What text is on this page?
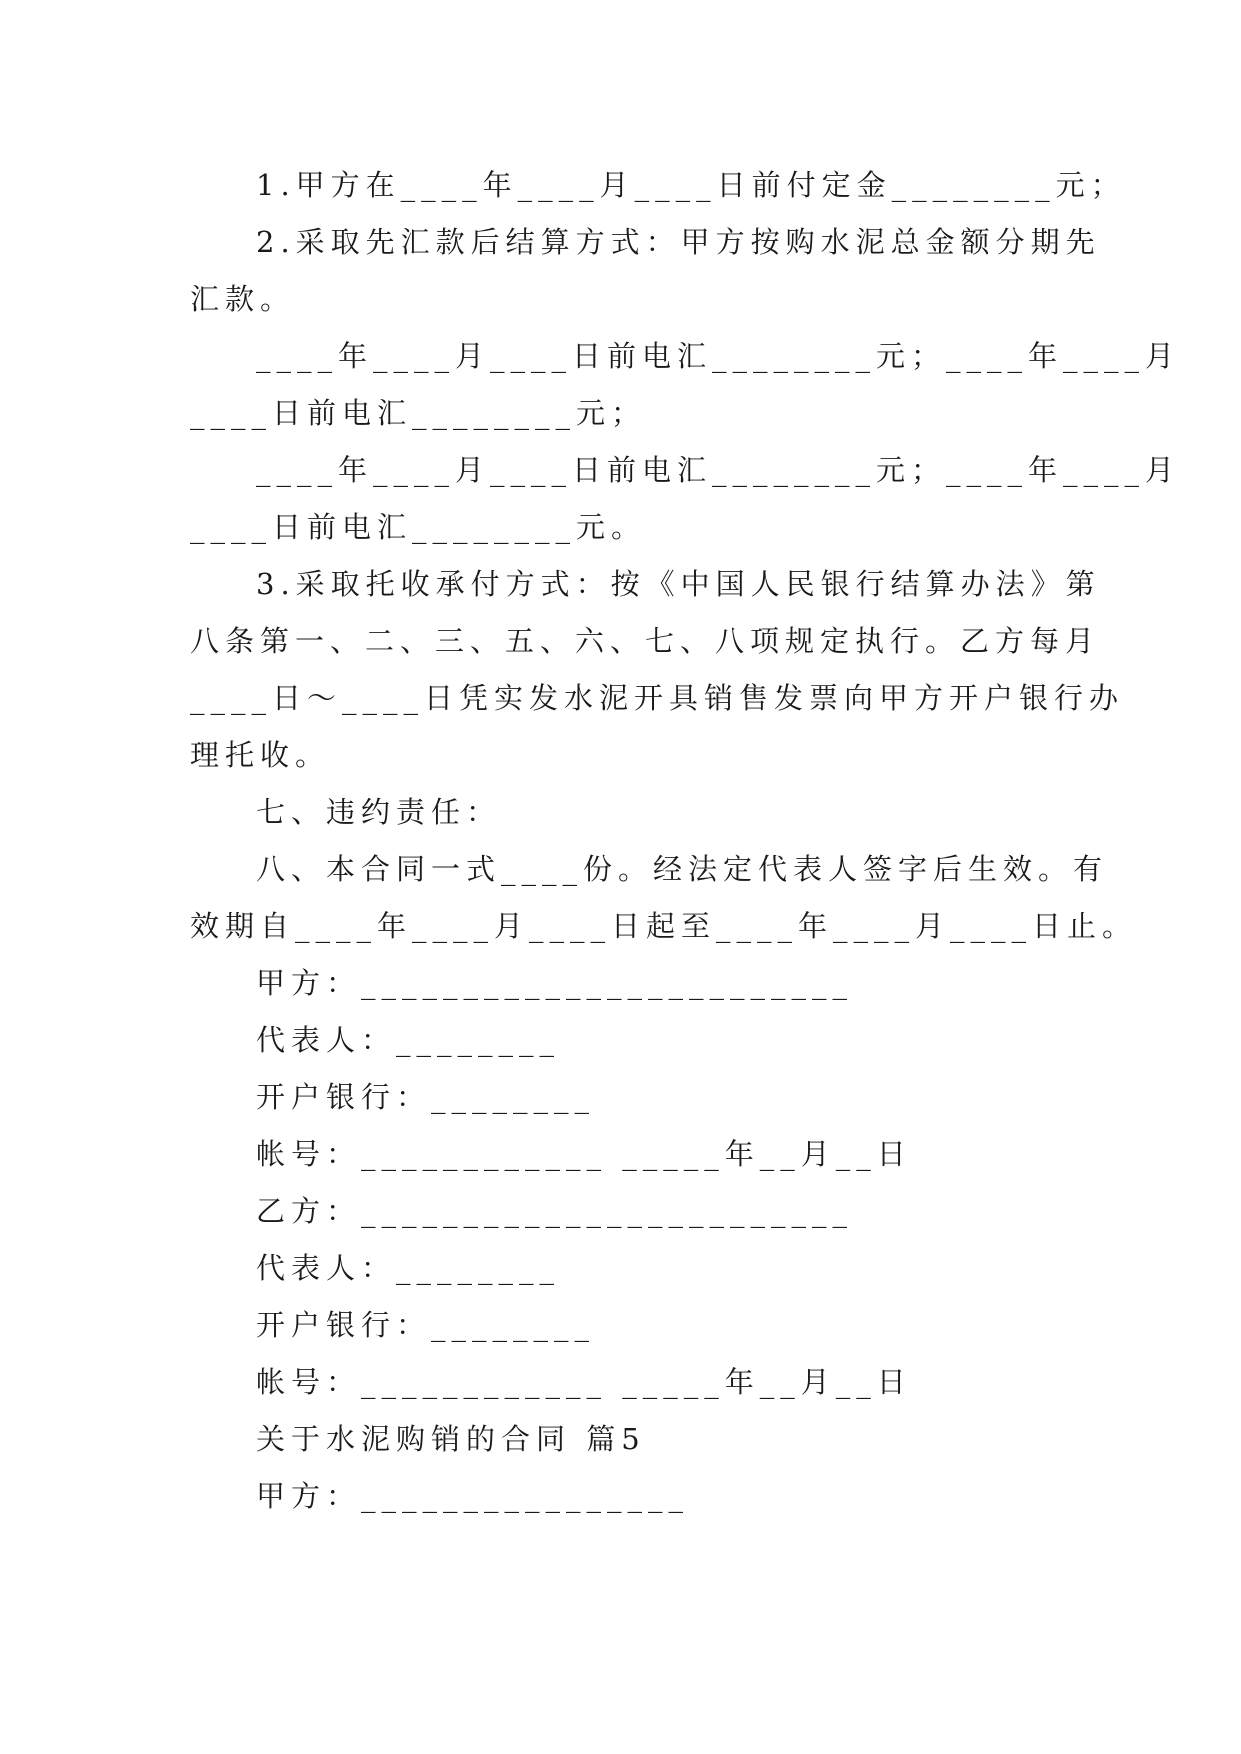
1.甲方在____年____月____日前付定金________元；
2.采取先汇款后结算方式：甲方按购水泥总金额分期先
汇款。
____年____月____日前电汇________元；____年____月
____日前电汇________元；
____年____月____日前电汇________元；____年____月
____日前电汇________元。
3.采取托收承付方式：按《中国人民银行结算办法》第
八条第一、二、三、五、六、七、八项规定执行。乙方每月
____日～____日凭实发水泥开具销售发票向甲方开户银行办
理托收。
七、违约责任：
八、本合同一式____份。经法定代表人签字后生效。有
效期自____年____月____日起至____年____月____日止。
甲方：________________________
代表人：________
开户银行：________
帐号：____________ _____年__月__日
乙方：________________________
代表人：________
开户银行：________
帐号：____________ _____年__月__日
关于水泥购销的合同 篇5
甲方：________________
